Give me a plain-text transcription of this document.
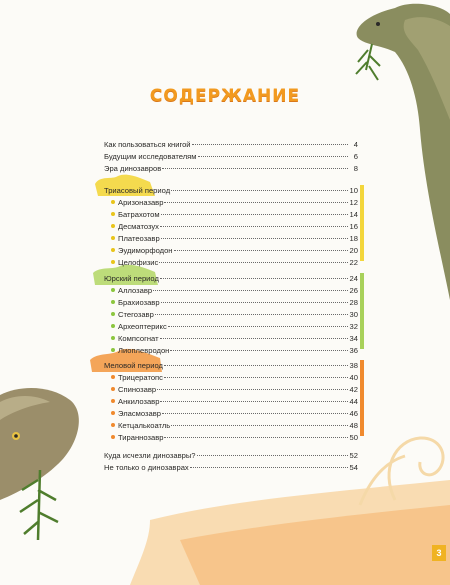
СОДЕРЖАНИЕ
Как пользоваться книгой	4
Будущим исследователям	6
Эра динозавров	8
Триасовый период	10
Аризоназавр	12
Батрахотом	14
Десматозух	16
Платеозавр	18
Эудиморфодон	20
Целофизис	22
Юрский период	24
Аллозавр	26
Брахиозавр	28
Стегозавр	30
Археоптерикс	32
Компсогнат	34
Лиоплевродон	36
Меловой период	38
Трицератопс	40
Спинозавр	42
Анкилозавр	44
Эласмозавр	46
Кетцалькоатль	48
Тираннозавр	50
Куда исчезли динозавры?	52
Не только о динозаврах	54
3
